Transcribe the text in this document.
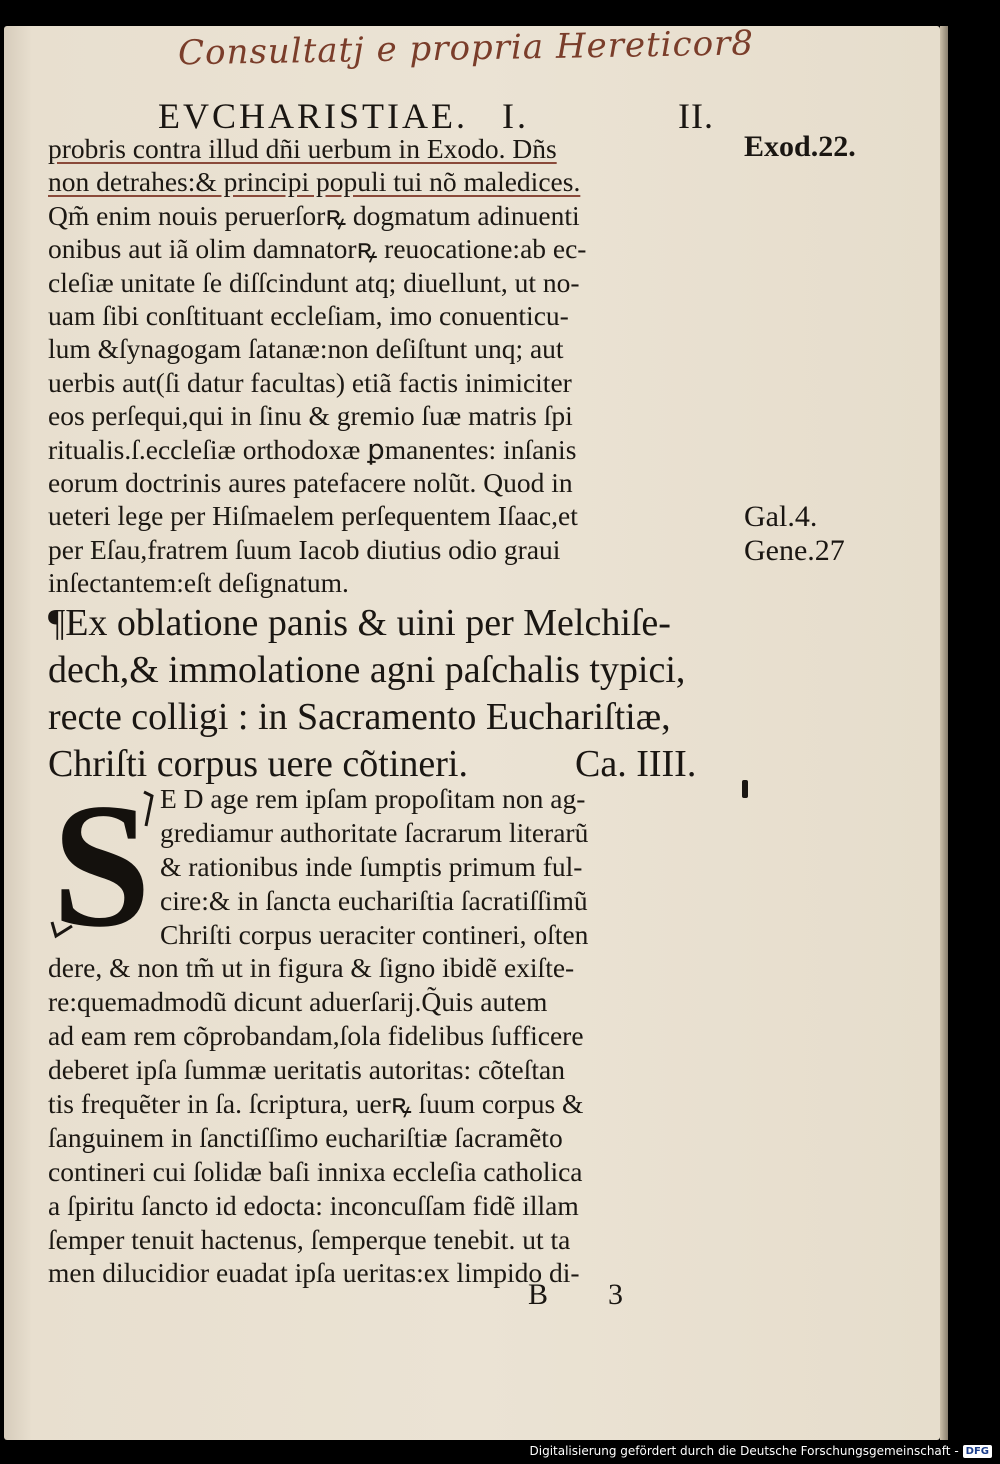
Consultatj e propria Hereticor8
EVCHARISTIAE. I.	II.
probris contra illud dñi uerbum in Exodo. Dñs
non detrahes:& principi populi tui nõ maledices.
Qm̃ enim nouis peruerſorꝶ dogmatum adinuenti
onibus aut iã olim damnatorꝶ reuocatione:ab ec-
cleſiæ unitate ſe diſſcindunt atq; diuellunt, ut no-
uam ſibi conſtituant eccleſiam, imo conuenticu-
lum &ſynagogam ſatanæ:non deſiſtunt unq; aut
uerbis aut(ſi datur facultas) etiã factis inimiciter
eos perſequi,qui in ſinu & gremio ſuæ matris ſpi
ritualis.ſ.eccleſiæ orthodoxæ ꝑmanentes: inſanis
eorum doctrinis aures patefacere nolũt. Quod in
ueteri lege per Hiſmaelem perſequentem Iſaac,et
per Eſau,fratrem ſuum Iacob diutius odio graui
inſectantem:eſt deſignatum.
¶Ex oblatione panis & uini per Melchiſe-
dech,& immolatione agni paſchalis typici,
recte colligi : in Sacramento Euchariſtiæ,
Chriſti corpus uere cõtineri.	Ca. IIII.
S E D age rem ipſam propoſitam non ag-
grediamur authoritate ſacrarum literarũ
& rationibus inde ſumptis primum ful-
cire:& in ſancta euchariſtia ſacratiſſimũ
Chriſti corpus ueraciter contineri, oſten
dere, & non tm̃ ut in figura & ſigno ibidẽ exiſte-
re:quemadmodũ dicunt aduerſarij.Q̃uis autem
ad eam rem cõprobandam,ſola fidelibus ſufficere
deberet ipſa ſummæ ueritatis autoritas: cõteſtan
tis frequẽter in ſa. ſcriptura, uerꝶ ſuum corpus &
ſanguinem in ſanctiſſimo euchariſtiæ ſacramẽto
contineri cui ſolidæ baſi innixa eccleſia catholica
a ſpiritu ſancto id edocta: inconcuſſam fidẽ illam
ſemper tenuit hactenus, ſemperque tenebit. ut ta
men dilucidior euadat ipſa ueritas:ex limpido di-
B3
Exod.22.
Gal.4.
Gene.27
Digitalisierung gefördert durch die Deutsche Forschungsgemeinschaft - DFG
